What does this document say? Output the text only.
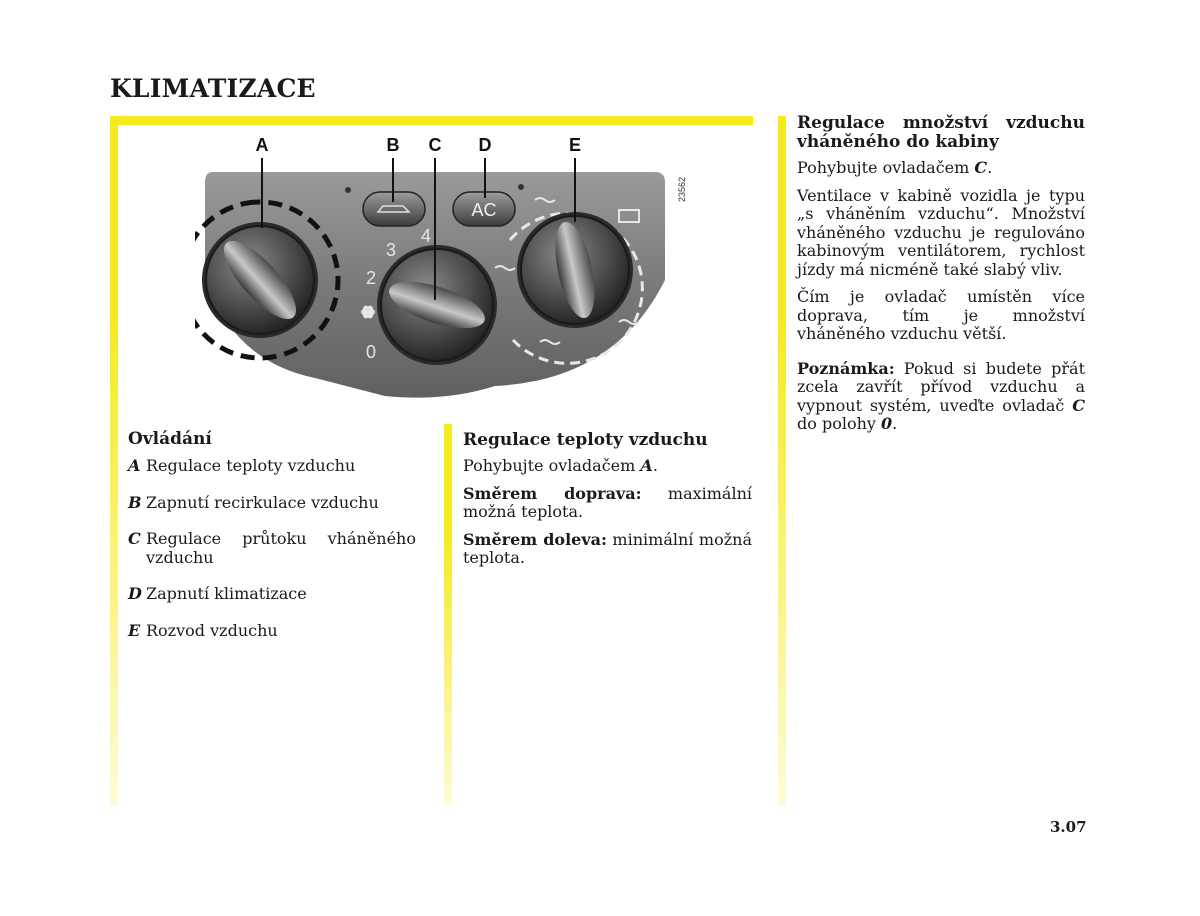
KLIMATIZACE
AC
0
2
3
4
A	B C D	E
23562
Ovládání
A Regulace teploty vzduchu
B Zapnutí recirkulace vzduchu
C Regulace průtoku vháněného vzduchu
D Zapnutí klimatizace
E Rozvod vzduchu
Regulace teploty vzduchu
Pohybujte ovladačem A.
Směrem doprava: maximální možná teplota.
Směrem doleva: minimální možná teplota.
Regulace množství vzduchu vháněného do kabiny
Pohybujte ovladačem C.
Ventilace v kabině vozidla je typu „s vháněním vzduchu“. Množství vháněného vzduchu je regulováno kabinovým ventilátorem, rychlost jízdy má nicméně také slabý vliv.
Čím je ovladač umístěn více doprava, tím je množství vháněného vzduchu větší.
Poznámka: Pokud si budete přát zcela zavřít přívod vzduchu a vypnout systém, uveďte ovladač C do polohy 0.
3.07
